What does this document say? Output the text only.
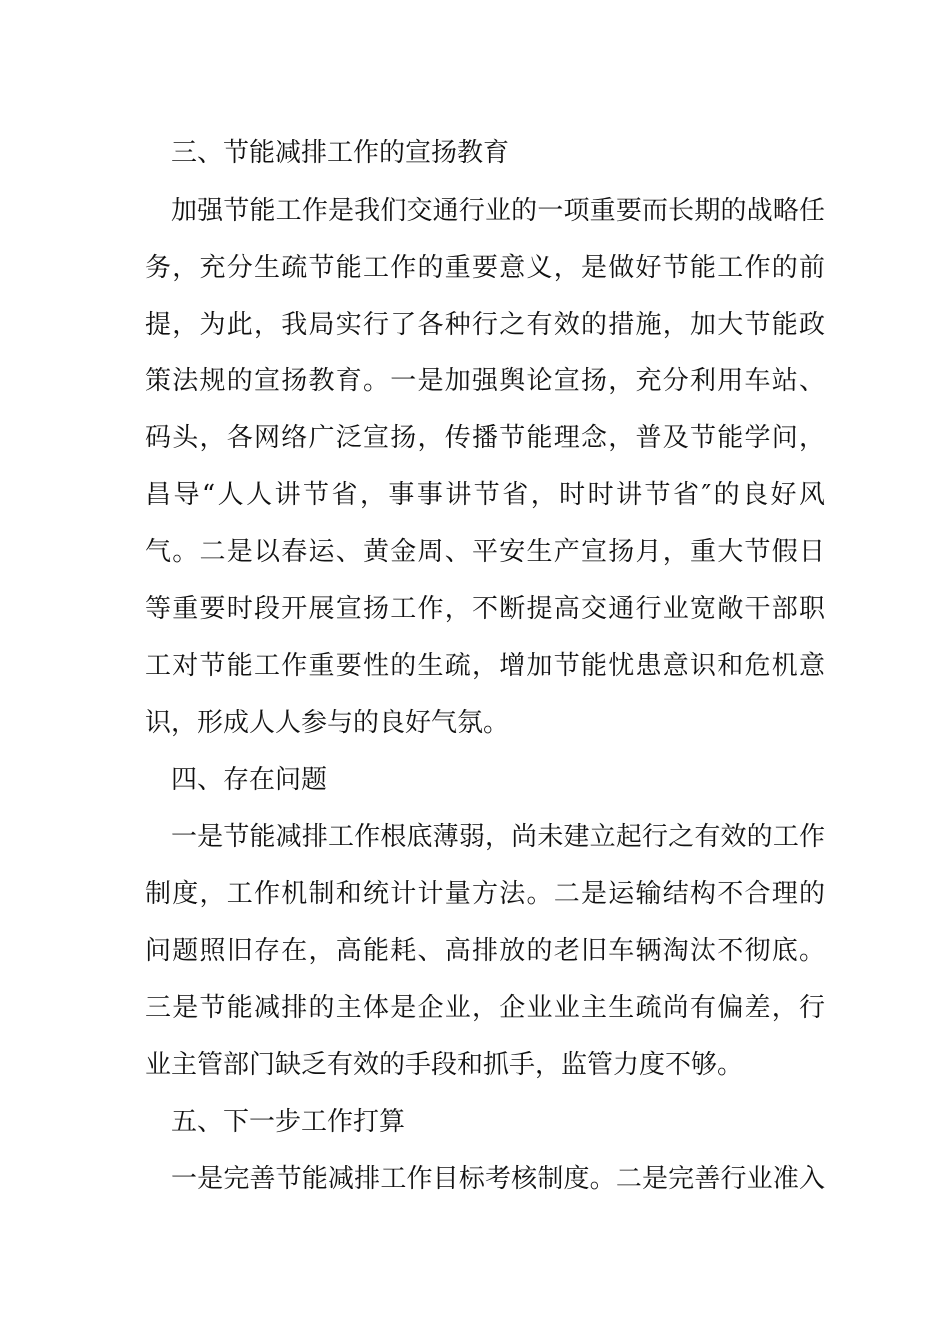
三、节能减排工作的宣扬教育
加强节能工作是我们交通行业的一项重要而长期的战略任
务，充分生疏节能工作的重要意义，是做好节能工作的前
提，为此，我局实行了各种行之有效的措施，加大节能政
策法规的宣扬教育。一是加强舆论宣扬，充分利用车站、
码头，各网络广泛宣扬，传播节能理念，普及节能学问，
昌导“人人讲节省，事事讲节省，时时讲节省″的良好风
气。二是以春运、黄金周、平安生产宣扬月，重大节假日
等重要时段开展宣扬工作，不断提高交通行业宽敞干部职
工对节能工作重要性的生疏，增加节能忧患意识和危机意
识，形成人人参与的良好气氛。
四、存在问题
一是节能减排工作根底薄弱，尚未建立起行之有效的工作
制度，工作机制和统计计量方法。二是运输结构不合理的
问题照旧存在，高能耗、高排放的老旧车辆淘汰不彻底。
三是节能减排的主体是企业，企业业主生疏尚有偏差，行
业主管部门缺乏有效的手段和抓手，监管力度不够。
五、下一步工作打算
一是完善节能减排工作目标考核制度。二是完善行业准入
